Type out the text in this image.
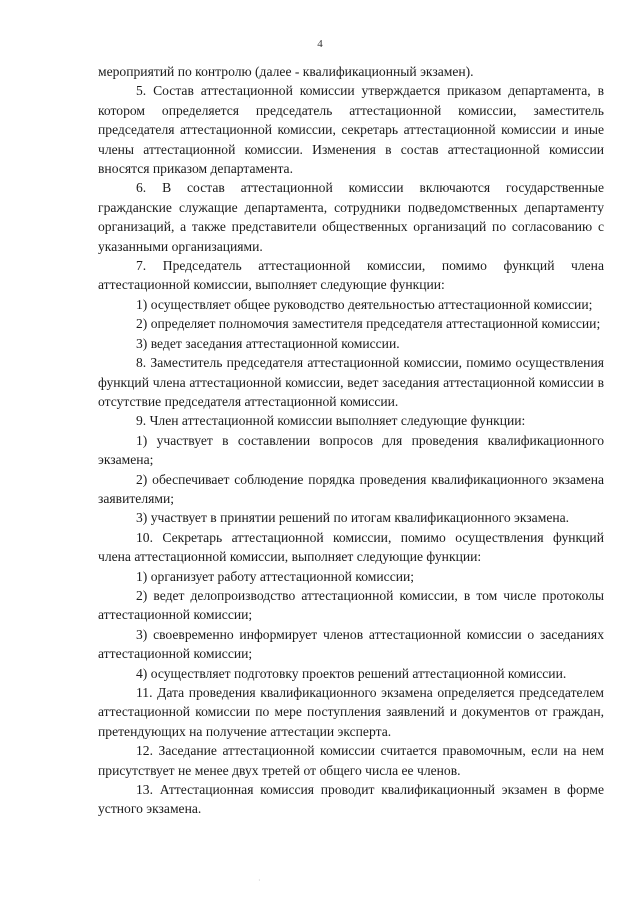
4

мероприятий по контролю (далее - квалификационный экзамен).

5. Состав аттестационной комиссии утверждается приказом департамента, в котором определяется председатель аттестационной комиссии, заместитель председателя аттестационной комиссии, секретарь аттестационной комиссии и иные члены аттестационной комиссии. Изменения в состав аттестационной комиссии вносятся приказом департамента.

6. В состав аттестационной комиссии включаются государственные гражданские служащие департамента, сотрудники подведомственных департаменту организаций, а также представители общественных организаций по согласованию с указанными организациями.

7. Председатель аттестационной комиссии, помимо функций члена аттестационной комиссии, выполняет следующие функции:

1) осуществляет общее руководство деятельностью аттестационной комиссии;

2) определяет полномочия заместителя председателя аттестационной комиссии;

3) ведет заседания аттестационной комиссии.

8. Заместитель председателя аттестационной комиссии, помимо осуществления функций члена аттестационной комиссии, ведет заседания аттестационной комиссии в отсутствие председателя аттестационной комиссии.

9. Член аттестационной комиссии выполняет следующие функции:

1) участвует в составлении вопросов для проведения квалификационного экзамена;

2) обеспечивает соблюдение порядка проведения квалификационного экзамена заявителями;

3) участвует в принятии решений по итогам квалификационного экзамена.

10. Секретарь аттестационной комиссии, помимо осуществления функций члена аттестационной комиссии, выполняет следующие функции:

1) организует работу аттестационной комиссии;

2) ведет делопроизводство аттестационной комиссии, в том числе протоколы аттестационной комиссии;

3) своевременно информирует членов аттестационной комиссии о заседаниях аттестационной комиссии;

4) осуществляет подготовку проектов решений аттестационной комиссии.

11. Дата проведения квалификационного экзамена определяется председателем аттестационной комиссии по мере поступления заявлений и документов от граждан, претендующих на получение аттестации эксперта.

12. Заседание аттестационной комиссии считается правомочным, если на нем присутствует не менее двух третей от общего числа ее членов.

13. Аттестационная комиссия проводит квалификационный экзамен в форме устного экзамена.

·
